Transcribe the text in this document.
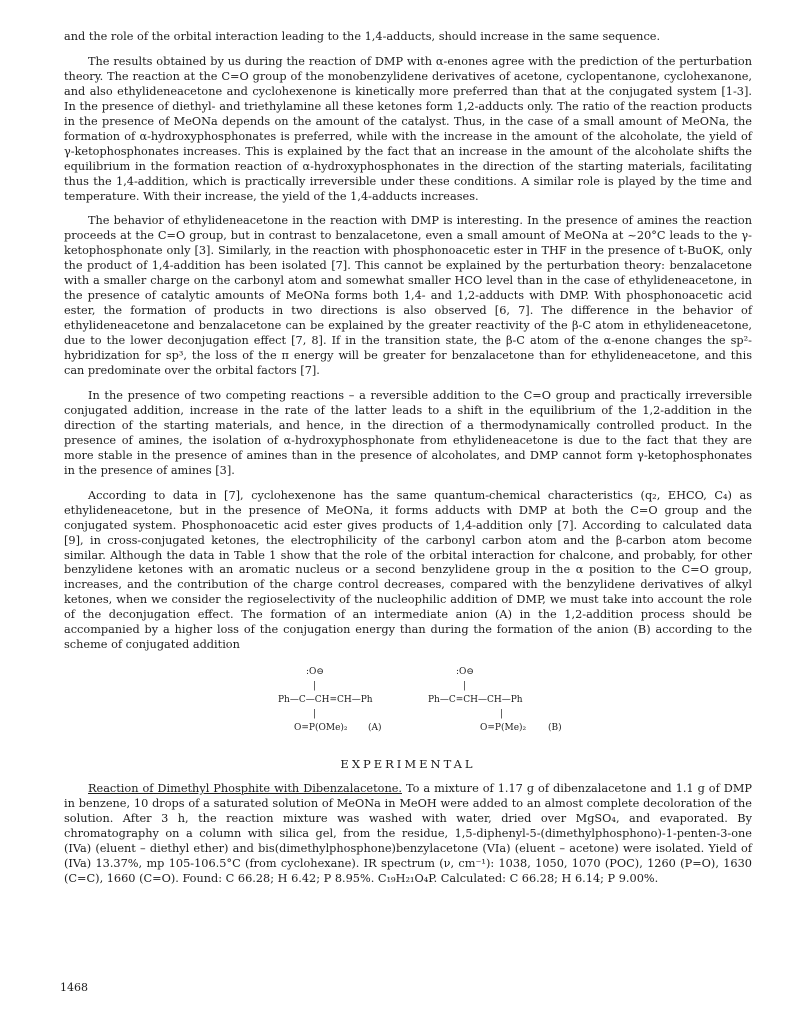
and the role of the orbital interaction leading to the 1,4-adducts, should increase in the same sequence.

The results obtained by us during the reaction of DMP with α-enones agree with the prediction of the perturbation theory. The reaction at the C=O group of the monobenzylidene derivatives of acetone, cyclopentanone, cyclohexanone, and also ethylideneacetone and cyclohexenone is kinetically more preferred than that at the conjugated system [1-3]. In the presence of diethyl- and triethylamine all these ketones form 1,2-adducts only. The ratio of the reaction products in the presence of MeONa depends on the amount of the catalyst. Thus, in the case of a small amount of MeONa, the formation of α-hydroxyphosphonates is preferred, while with the increase in the amount of the alcoholate, the yield of γ-ketophosphonates increases. This is explained by the fact that an increase in the amount of the alcoholate shifts the equilibrium in the formation reaction of α-hydroxyphosphonates in the direction of the starting materials, facilitating thus the 1,4-addition, which is practically irreversible under these conditions. A similar role is played by the time and temperature. With their increase, the yield of the 1,4-adducts increases.

The behavior of ethylideneacetone in the reaction with DMP is interesting. In the presence of amines the reaction proceeds at the C=O group, but in contrast to benzalacetone, even a small amount of MeONa at ~20°C leads to the γ-ketophosphonate only [3]. Similarly, in the reaction with phosphonoacetic ester in THF in the presence of t-BuOK, only the product of 1,4-addition has been isolated [7]. This cannot be explained by the perturbation theory: benzalacetone with a smaller charge on the carbonyl atom and somewhat smaller HCO level than in the case of ethylideneacetone, in the presence of catalytic amounts of MeONa forms both 1,4- and 1,2-adducts with DMP. With phosphonoacetic acid ester, the formation of products in two directions is also observed [6, 7]. The difference in the behavior of ethylideneacetone and benzalacetone can be explained by the greater reactivity of the β-C atom in ethylideneacetone, due to the lower deconjugation effect [7, 8]. If in the transition state, the β-C atom of the α-enone changes the sp²-hybridization for sp³, the loss of the π energy will be greater for benzalacetone than for ethylideneacetone, and this can predominate over the orbital factors [7].

In the presence of two competing reactions – a reversible addition to the C=O group and practically irreversible conjugated addition, increase in the rate of the latter leads to a shift in the equilibrium of the 1,2-addition in the direction of the starting materials, and hence, in the direction of a thermodynamically controlled product. In the presence of amines, the isolation of α-hydroxyphosphonate from ethylideneacetone is due to the fact that they are more stable in the presence of amines than in the presence of alcoholates, and DMP cannot form γ-ketophosphonates in the presence of amines [3].

According to data in [7], cyclohexenone has the same quantum-chemical characteristics (q₂, EHCO, C₄) as ethylideneacetone, but in the presence of MeONa, it forms adducts with DMP at both the C=O group and the conjugated system. Phosphonoacetic acid ester gives products of 1,4-addition only [7]. According to calculated data [9], in cross-conjugated ketones, the electrophilicity of the carbonyl carbon atom and the β-carbon atom become similar. Although the data in Table 1 show that the role of the orbital interaction for chalcone, and probably, for other benzylidene ketones with an aromatic nucleus or a second benzylidene group in the α position to the C=O group, increases, and the contribution of the charge control decreases, compared with the benzylidene derivatives of alkyl ketones, when we consider the regioselectivity of the nucleophilic addition of DMP, we must take into account the role of the deconjugation effect. The formation of an intermediate anion (A) in the 1,2-addition process should be accompanied by a higher loss of the conjugation energy than during the formation of the anion (B) according to the scheme of conjugated addition

:O⊖
|
Ph—C—CH=CH—Ph
|
O=P(OMe)₂ (A)
:O⊖
|
Ph—C=CH—CH—Ph
|
O=P(Me)₂ (B)
EXPERIMENTAL

Reaction of Dimethyl Phosphite with Dibenzalacetone. To a mixture of 1.17 g of dibenzalacetone and 1.1 g of DMP in benzene, 10 drops of a saturated solution of MeONa in MeOH were added to an almost complete decoloration of the solution. After 3 h, the reaction mixture was washed with water, dried over MgSO₄, and evaporated. By chromatography on a column with silica gel, from the residue, 1,5-diphenyl-5-(dimethylphosphono)-1-penten-3-one (IVa) (eluent – diethyl ether) and bis(dimethylphosphone)benzylacetone (VIa) (eluent – acetone) were isolated. Yield of (IVa) 13.37%, mp 105-106.5°C (from cyclohexane). IR spectrum (ν, cm⁻¹): 1038, 1050, 1070 (POC), 1260 (P=O), 1630 (C=C), 1660 (C=O). Found: C 66.28; H 6.42; P 8.95%. C₁₉H₂₁O₄P. Calculated: C 66.28; H 6.14; P 9.00%.

1468
